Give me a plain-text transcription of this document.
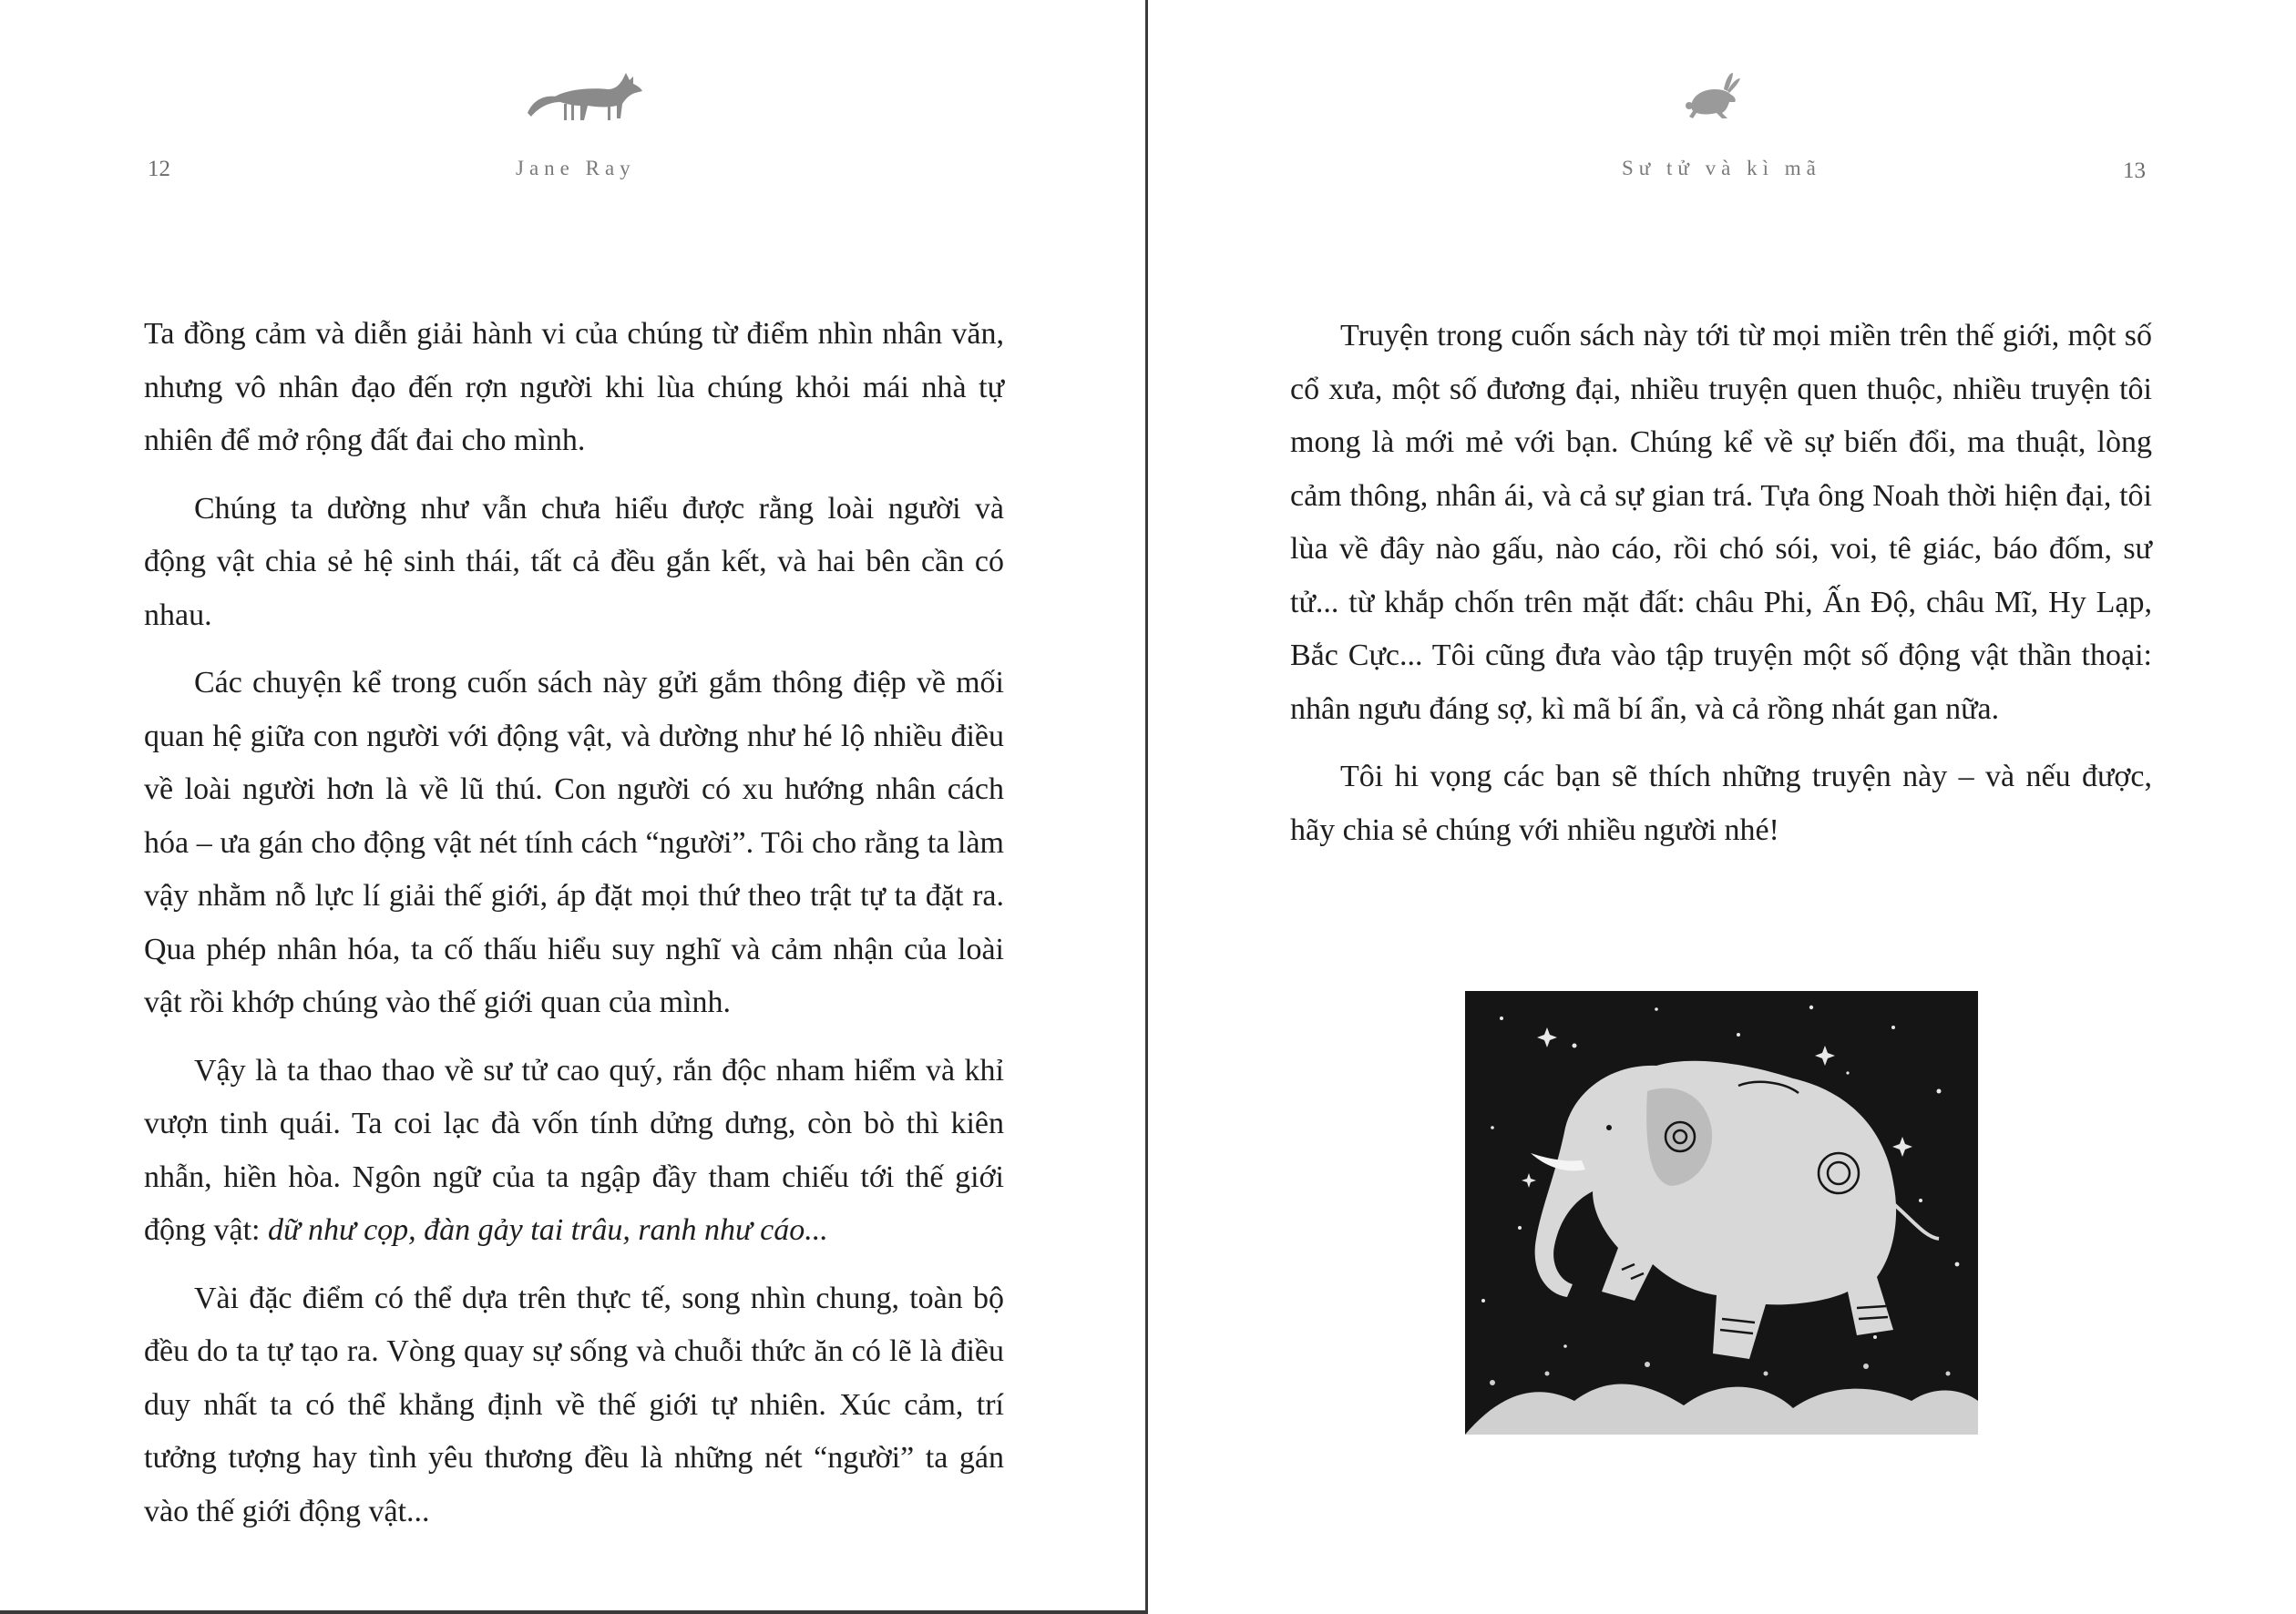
12	Jane Ray

Ta đồng cảm và diễn giải hành vi của chúng từ điểm nhìn nhân văn, nhưng vô nhân đạo đến rợn người khi lùa chúng khỏi mái nhà tự nhiên để mở rộng đất đai cho mình.

Chúng ta dường như vẫn chưa hiểu được rằng loài người và động vật chia sẻ hệ sinh thái, tất cả đều gắn kết, và hai bên cần có nhau.

Các chuyện kể trong cuốn sách này gửi gắm thông điệp về mối quan hệ giữa con người với động vật, và dường như hé lộ nhiều điều về loài người hơn là về lũ thú. Con người có xu hướng nhân cách hóa – ưa gán cho động vật nét tính cách “người”. Tôi cho rằng ta làm vậy nhằm nỗ lực lí giải thế giới, áp đặt mọi thứ theo trật tự ta đặt ra. Qua phép nhân hóa, ta cố thấu hiểu suy nghĩ và cảm nhận của loài vật rồi khớp chúng vào thế giới quan của mình.

Vậy là ta thao thao về sư tử cao quý, rắn độc nham hiểm và khỉ vượn tinh quái. Ta coi lạc đà vốn tính dửng dưng, còn bò thì kiên nhẫn, hiền hòa. Ngôn ngữ của ta ngập đầy tham chiếu tới thế giới động vật: dữ như cọp, đàn gảy tai trâu, ranh như cáo...

Vài đặc điểm có thể dựa trên thực tế, song nhìn chung, toàn bộ đều do ta tự tạo ra. Vòng quay sự sống và chuỗi thức ăn có lẽ là điều duy nhất ta có thể khẳng định về thế giới tự nhiên. Xúc cảm, trí tưởng tượng hay tình yêu thương đều là những nét “người” ta gán vào thế giới động vật...

Sư tử và kì mã	13

Truyện trong cuốn sách này tới từ mọi miền trên thế giới, một số cổ xưa, một số đương đại, nhiều truyện quen thuộc, nhiều truyện tôi mong là mới mẻ với bạn. Chúng kể về sự biến đổi, ma thuật, lòng cảm thông, nhân ái, và cả sự gian trá. Tựa ông Noah thời hiện đại, tôi lùa về đây nào gấu, nào cáo, rồi chó sói, voi, tê giác, báo đốm, sư tử... từ khắp chốn trên mặt đất: châu Phi, Ấn Độ, châu Mĩ, Hy Lạp, Bắc Cực... Tôi cũng đưa vào tập truyện một số động vật thần thoại: nhân ngưu đáng sợ, kì mã bí ẩn, và cả rồng nhát gan nữa.

Tôi hi vọng các bạn sẽ thích những truyện này – và nếu được, hãy chia sẻ chúng với nhiều người nhé!
